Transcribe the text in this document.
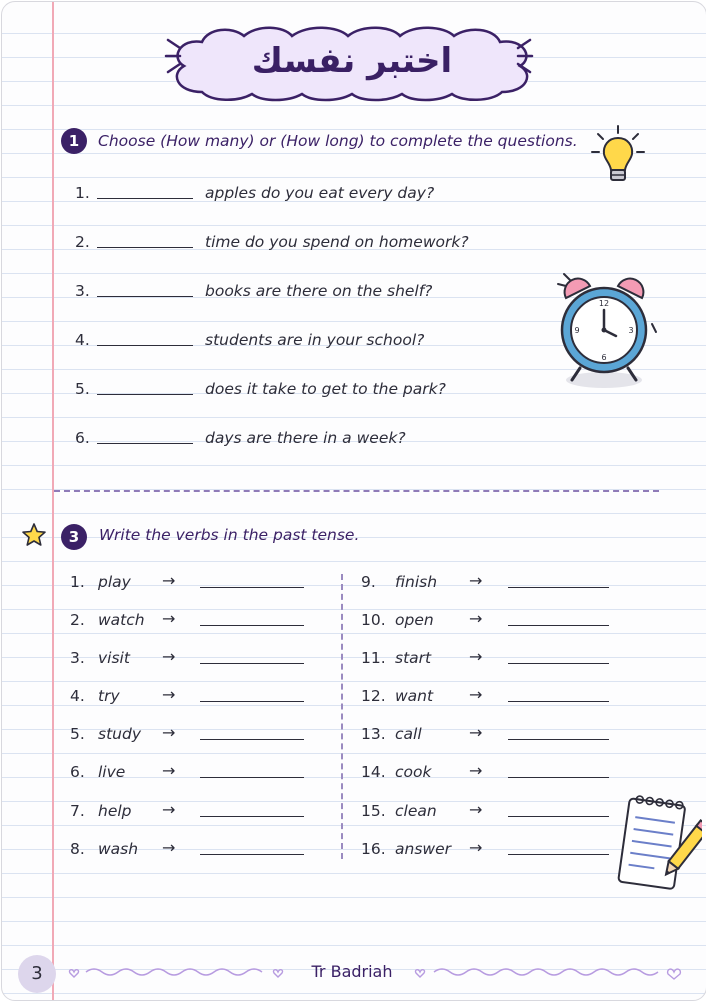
اختبر نفسك
1	Choose (How many) or (How long) to complete the questions.
1.	apples do you eat every day?
2.	time do you spend on homework?
3.	books are there on the shelf?
4.	students are in your school?
5.	does it take to get to the park?
6.	days are there in a week?
12
3
6
9
3	Write the verbs in the past tense.
1. play →
2. watch →
3. visit →
4. try	→
5. study →
6. live →
7. help →
8. wash →
9. finish →
10. open →
11. start →
12. want →
13. call	→
14. cook →
15. clean →
16. answer →
3	Tr Badriah
